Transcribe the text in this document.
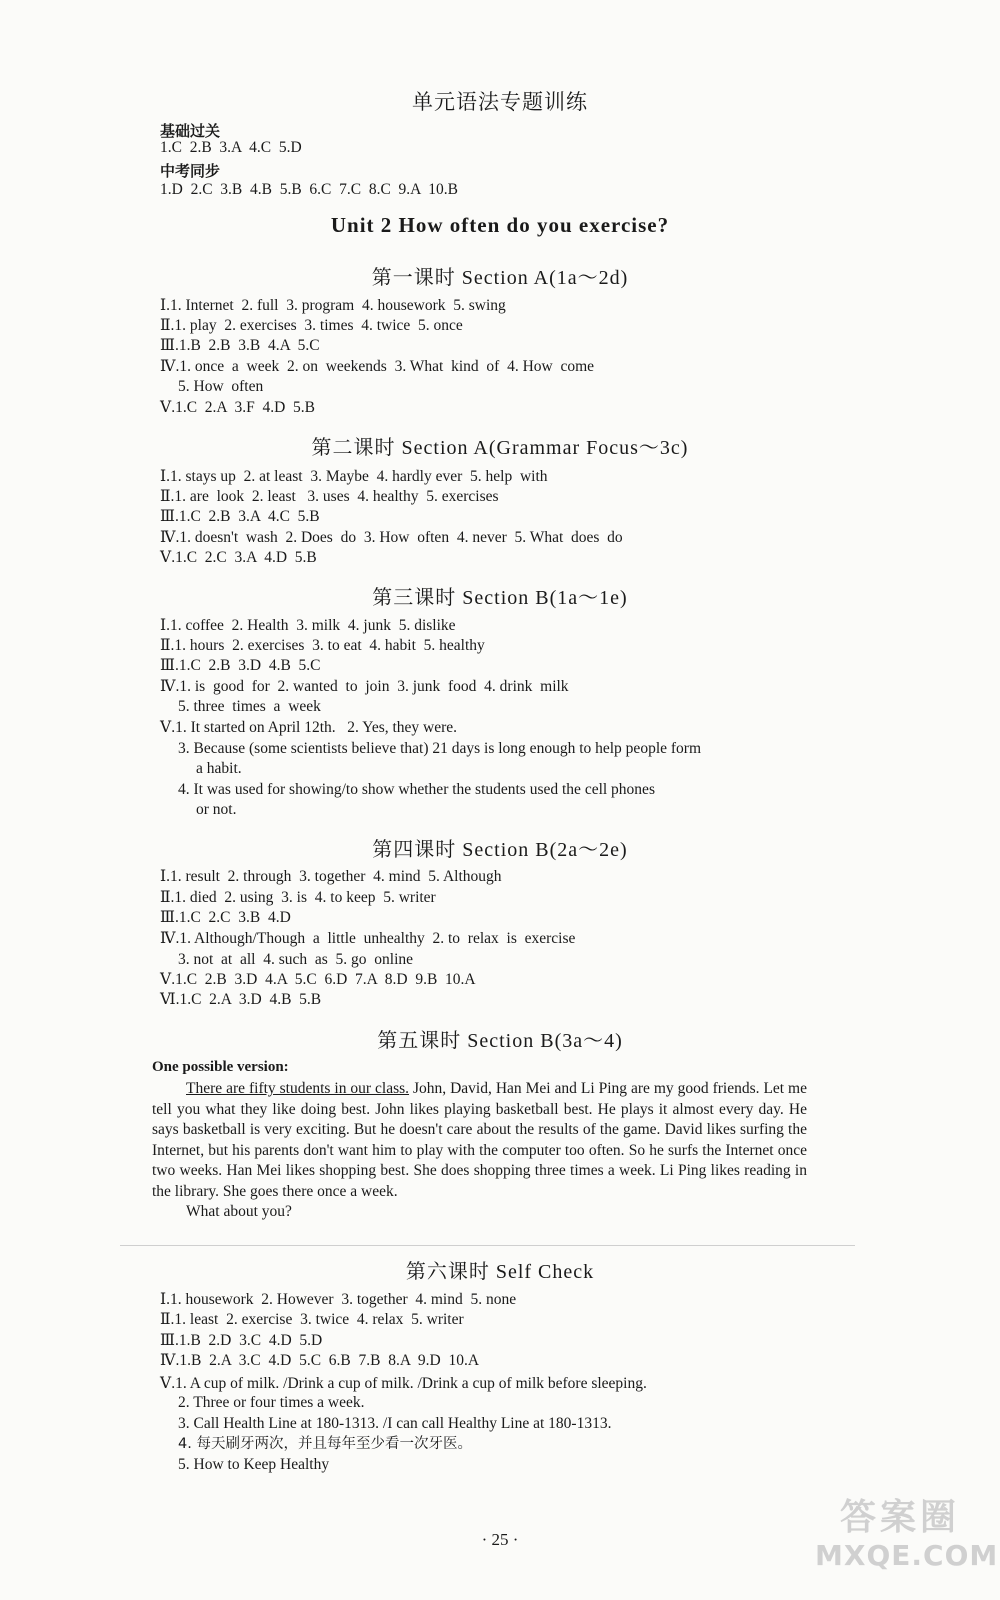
单元语法专题训练
基础过关
1.C  2.B  3.A  4.C  5.D
中考同步
1.D  2.C  3.B  4.B  5.B  6.C  7.C  8.C  9.A  10.B
Unit 2 How often do you exercise?
第一课时 Section A(1a～2d)
Ⅰ.1. Internet  2. full  3. program  4. housework  5. swing
Ⅱ.1. play  2. exercises  3. times  4. twice  5. once
Ⅲ.1.B  2.B  3.B  4.A  5.C
Ⅳ.1. once  a  week  2. on  weekends  3. What  kind  of  4. How  come
5. How  often
Ⅴ.1.C  2.A  3.F  4.D  5.B
第二课时 Section A(Grammar Focus～3c)
Ⅰ.1. stays up  2. at least  3. Maybe  4. hardly ever  5. help  with
Ⅱ.1. are  look  2. least   3. uses  4. healthy  5. exercises
Ⅲ.1.C  2.B  3.A  4.C  5.B
Ⅳ.1. doesn't  wash  2. Does  do  3. How  often  4. never  5. What  does  do
Ⅴ.1.C  2.C  3.A  4.D  5.B
第三课时 Section B(1a～1e)
Ⅰ.1. coffee  2. Health  3. milk  4. junk  5. dislike
Ⅱ.1. hours  2. exercises  3. to eat  4. habit  5. healthy
Ⅲ.1.C  2.B  3.D  4.B  5.C
Ⅳ.1. is  good  for  2. wanted  to  join  3. junk  food  4. drink  milk
5. three  times  a  week
Ⅴ.1. It started on April 12th.   2. Yes, they were.
3. Because (some scientists believe that) 21 days is long enough to help people form
a habit.
4. It was used for showing/to show whether the students used the cell phones
or not.
第四课时 Section B(2a～2e)
Ⅰ.1. result  2. through  3. together  4. mind  5. Although
Ⅱ.1. died  2. using  3. is  4. to keep  5. writer
Ⅲ.1.C  2.C  3.B  4.D
Ⅳ.1. Although/Though  a  little  unhealthy  2. to  relax  is  exercise
3. not  at  all  4. such  as  5. go  online
Ⅴ.1.C  2.B  3.D  4.A  5.C  6.D  7.A  8.D  9.B  10.A
Ⅵ.1.C  2.A  3.D  4.B  5.B
第五课时 Section B(3a～4)
One possible version:

There are fifty students in our class. John, David, Han Mei and Li Ping are my good friends. Let me tell you what they like doing best. John likes playing basketball best. He plays it almost every day. He says basketball is very exciting. But he doesn't care about the results of the game. David likes surfing the Internet, but his parents don't want him to play with the computer too often. So he surfs the Internet once two weeks. Han Mei likes shopping best. She does shopping three times a week. Li Ping likes reading in the library. She goes there once a week.

What about you?

第六课时 Self Check
Ⅰ.1. housework  2. However  3. together  4. mind  5. none
Ⅱ.1. least  2. exercise  3. twice  4. relax  5. writer
Ⅲ.1.B  2.D  3.C  4.D  5.D
Ⅳ.1.B  2.A  3.C  4.D  5.C  6.B  7.B  8.A  9.D  10.A
Ⅴ.1. A cup of milk. /Drink a cup of milk. /Drink a cup of milk before sleeping.
2. Three or four times a week.
3. Call Health Line at 180-1313. /I can call Healthy Line at 180-1313.
4. 每天刷牙两次，并且每年至少看一次牙医。
5. How to Keep Healthy
· 25 ·
答案圈
MXQE.COM
